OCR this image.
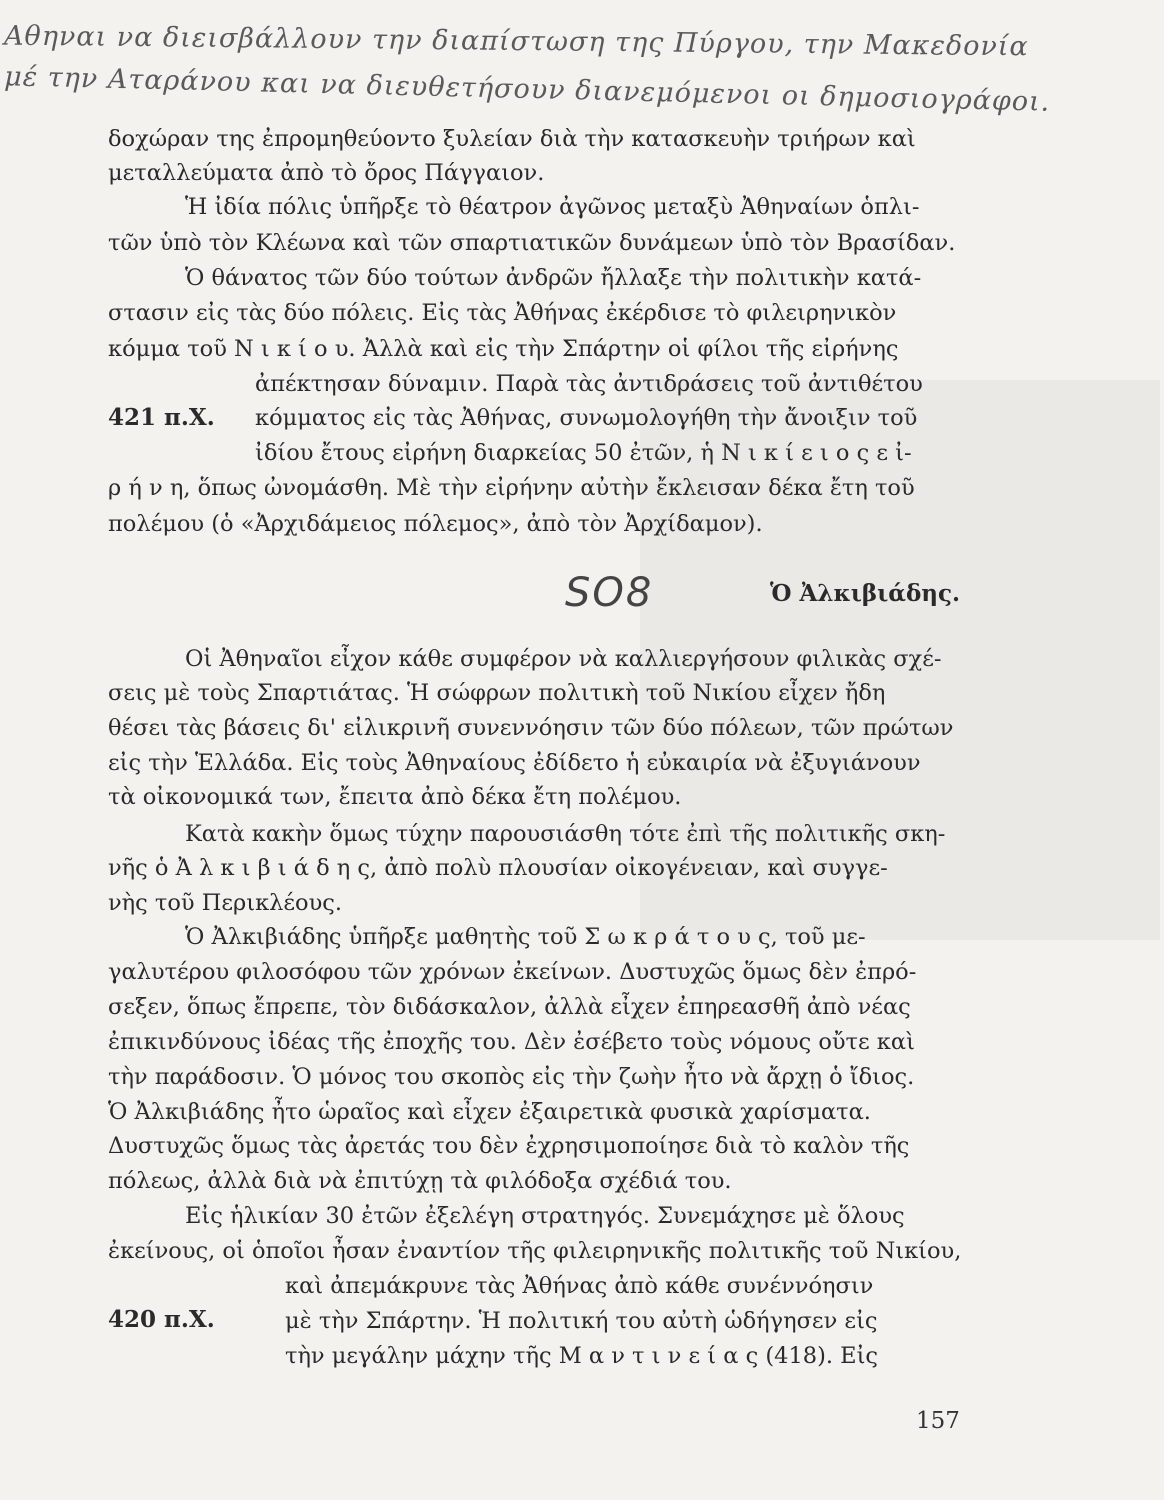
Αθηναι να διεισβάλλουν την διαπίστωση της Πύργου, την Μακεδονία
μέ την Αταράνου και να διευθετήσουν διανεμόμενοι οι δημοσιογράφοι.
δοχώραν της ἐπρομηθεύοντο ξυλείαν διὰ τὴν κατασκευὴν τριήρων καὶ
μεταλλεύματα ἀπὸ τὸ ὄρος Πάγγαιον.
Ἡ ἰδία πόλις ὑπῆρξε τὸ θέατρον ἀγῶνος μεταξὺ Ἀθηναίων ὁπλι-
τῶν ὑπὸ τὸν Κλέωνα καὶ τῶν σπαρτιατικῶν δυνάμεων ὑπὸ τὸν Βρασίδαν.
Ὁ θάνατος τῶν δύο τούτων ἀνδρῶν ἤλλαξε τὴν πολιτικὴν κατά-
στασιν εἰς τὰς δύο πόλεις. Εἰς τὰς Ἀθήνας ἐκέρδισε τὸ φιλειρηνικὸν
κόμμα τοῦ Ν ι κ ί ο υ. Ἀλλὰ καὶ εἰς τὴν Σπάρτην οἱ φίλοι τῆς εἰρήνης
ἀπέκτησαν δύναμιν. Παρὰ τὰς ἀντιδράσεις τοῦ ἀντιθέτου
421 π.Χ. κόμματος εἰς τὰς Ἀθήνας, συνωμολογήθη τὴν ἄνοιξιν τοῦ
ἰδίου ἔτους εἰρήνη διαρκείας 50 ἐτῶν, ἡ Ν ι κ ί ε ι ο ς ε ἰ-
ρ ή ν η, ὅπως ὠνομάσθη. Μὲ τὴν εἰρήνην αὐτὴν ἔκλεισαν δέκα ἔτη τοῦ
πολέμου (ὁ «Ἀρχιδάμειος πόλεμος», ἀπὸ τὸν Ἀρχίδαμον).
SO8	Ὁ Ἀλκιβιάδης.
Οἱ Ἀθηναῖοι εἶχον κάθε συμφέρον νὰ καλλιεργήσουν φιλικὰς σχέ-
σεις μὲ τοὺς Σπαρτιάτας. Ἡ σώφρων πολιτικὴ τοῦ Νικίου εἶχεν ἤδη
θέσει τὰς βάσεις δι' εἰλικρινῆ συνεννόησιν τῶν δύο πόλεων, τῶν πρώτων
εἰς τὴν Ἑλλάδα. Εἰς τοὺς Ἀθηναίους ἐδίδετο ἡ εὐκαιρία νὰ ἐξυγιάνουν
τὰ οἰκονομικά των, ἔπειτα ἀπὸ δέκα ἔτη πολέμου.
Κατὰ κακὴν ὅμως τύχην παρουσιάσθη τότε ἐπὶ τῆς πολιτικῆς σκη-
νῆς ὁ Ἀ λ κ ι β ι ά δ η ς, ἀπὸ πολὺ πλουσίαν οἰκογένειαν, καὶ συγγε-
νὴς τοῦ Περικλέους.
Ὁ Ἀλκιβιάδης ὑπῆρξε μαθητὴς τοῦ Σ ω κ ρ ά τ ο υ ς, τοῦ με-
γαλυτέρου φιλοσόφου τῶν χρόνων ἐκείνων. Δυστυχῶς ὅμως δὲν ἐπρό-
σεξεν, ὅπως ἔπρεπε, τὸν διδάσκαλον, ἀλλὰ εἶχεν ἐπηρεασθῆ ἀπὸ νέας
ἐπικινδύνους ἰδέας τῆς ἐποχῆς του. Δὲν ἐσέβετο τοὺς νόμους οὔτε καὶ
τὴν παράδοσιν. Ὁ μόνος του σκοπὸς εἰς τὴν ζωὴν ἦτο νὰ ἄρχῃ ὁ ἴδιος.
Ὁ Ἀλκιβιάδης ἦτο ὡραῖος καὶ εἶχεν ἐξαιρετικὰ φυσικὰ χαρίσματα.
Δυστυχῶς ὅμως τὰς ἀρετάς του δὲν ἐχρησιμοποίησε διὰ τὸ καλὸν τῆς
πόλεως, ἀλλὰ διὰ νὰ ἐπιτύχῃ τὰ φιλόδοξα σχέδιά του.
Εἰς ἡλικίαν 30 ἐτῶν ἐξελέγη στρατηγός. Συνεμάχησε μὲ ὅλους
ἐκείνους, οἱ ὁποῖοι ἦσαν ἐναντίον τῆς φιλειρηνικῆς πολιτικῆς τοῦ Νικίου,
καὶ ἀπεμάκρυνε τὰς Ἀθήνας ἀπὸ κάθε συνέννόησιν
420 π.Χ.	μὲ τὴν Σπάρτην. Ἡ πολιτική του αὐτὴ ὡδήγησεν εἰς
τὴν μεγάλην μάχην τῆς Μ α ν τ ι ν ε ί α ς (418). Εἰς
157
